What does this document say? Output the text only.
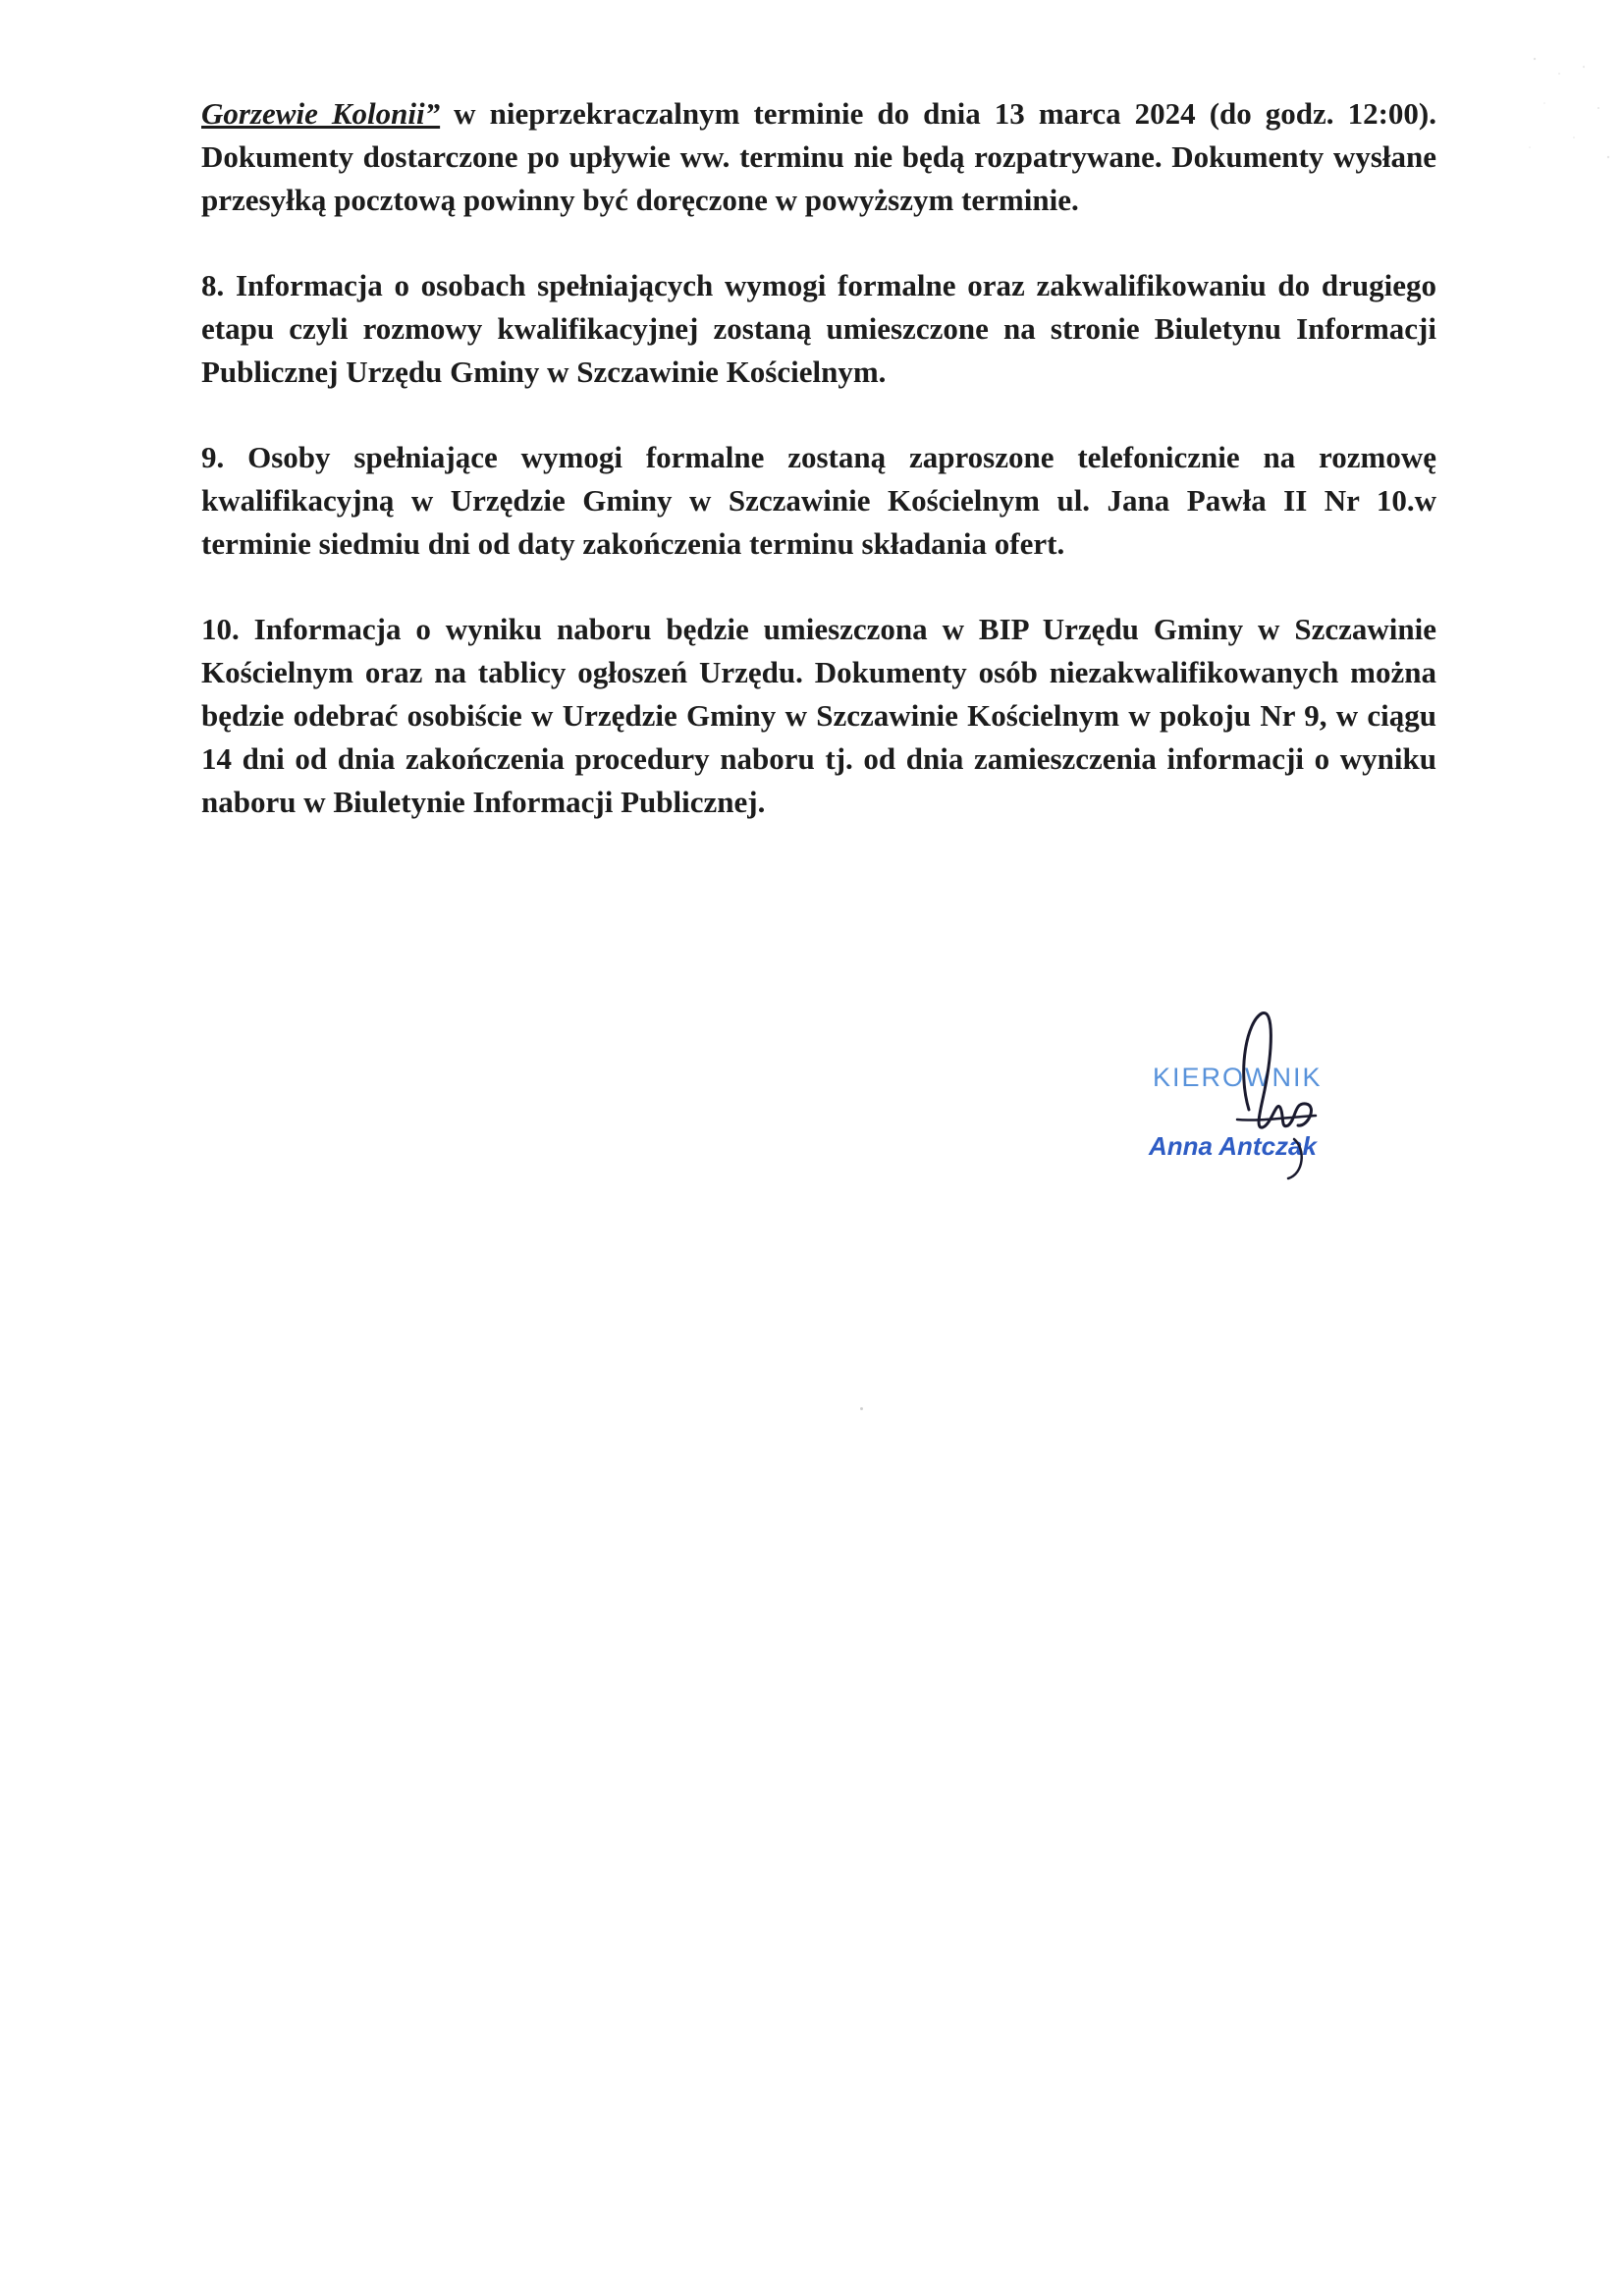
Gorzewie Kolonii” w nieprzekraczalnym terminie do dnia 13 marca 2024 (do godz. 12:00). Dokumenty dostarczone po upływie ww. terminu nie będą rozpatrywane. Dokumenty wysłane przesyłką pocztową powinny być doręczone w powyższym terminie.

8. Informacja o osobach spełniających wymogi formalne oraz zakwalifikowaniu do drugiego etapu czyli rozmowy kwalifikacyjnej zostaną umieszczone na stronie Biuletynu Informacji Publicznej Urzędu Gminy w Szczawinie Kościelnym.

9. Osoby spełniające wymogi formalne zostaną zaproszone telefonicznie na rozmowę kwalifikacyjną w Urzędzie Gminy w Szczawinie Kościelnym ul. Jana Pawła II Nr 10.w terminie siedmiu dni od daty zakończenia terminu składania ofert.

10. Informacja o wyniku naboru będzie umieszczona w BIP Urzędu Gminy w Szczawinie Kościelnym oraz na tablicy ogłoszeń Urzędu. Dokumenty osób niezakwalifikowanych można będzie odebrać osobiście w Urzędzie Gminy w Szczawinie Kościelnym w pokoju Nr 9, w ciągu 14 dni od dnia zakończenia procedury naboru tj. od dnia zamieszczenia informacji o wyniku naboru w Biuletynie Informacji Publicznej.

KIEROWNIK
Anna Antczak
